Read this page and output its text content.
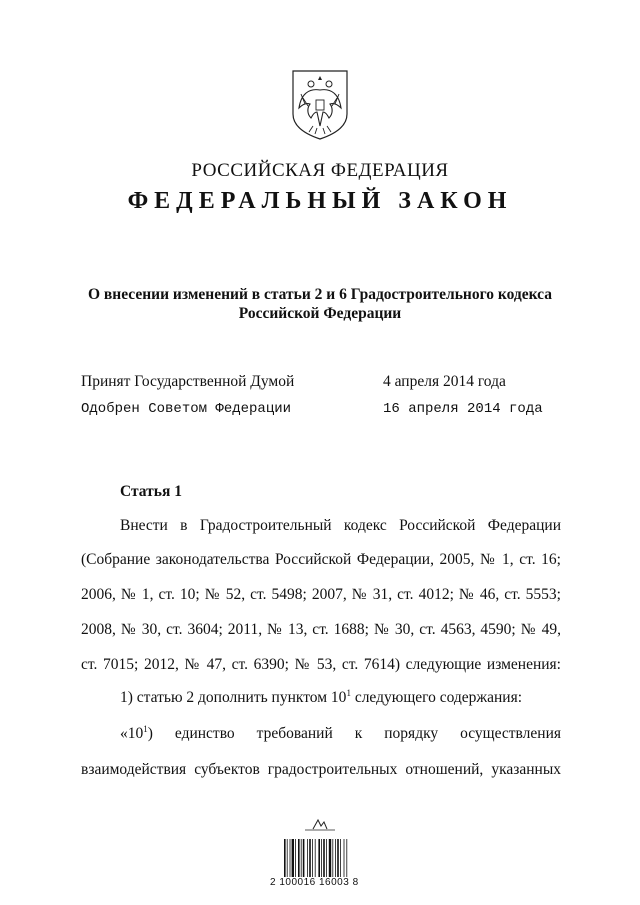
РОССИЙСКАЯ ФЕДЕРАЦИЯ
ФЕДЕРАЛЬНЫЙ ЗАКОН
О внесении изменений в статьи 2 и 6 Градостроительного кодекса
Российской Федерации
Принят Государственной Думой	4 апреля 2014 года
Одобрен Советом Федерации	16 апреля 2014 года
Статья 1
Внести в Градостроительный кодекс Российской Федерации
(Собрание законодательства Российской Федерации, 2005, № 1, ст. 16;
2006, № 1, ст. 10; № 52, ст. 5498; 2007, № 31, ст. 4012; № 46, ст. 5553;
2008, № 30, ст. 3604; 2011, № 13, ст. 1688; № 30, ст. 4563, 4590; № 49,
ст. 7015; 2012, № 47, ст. 6390; № 53, ст. 7614) следующие изменения:
1) статью 2 дополнить пунктом $10^1$ следующего содержания:
«$10^1$) единство требований к порядку осуществления
взаимодействия субъектов градостроительных отношений, указанных
2 100016 16003 8
